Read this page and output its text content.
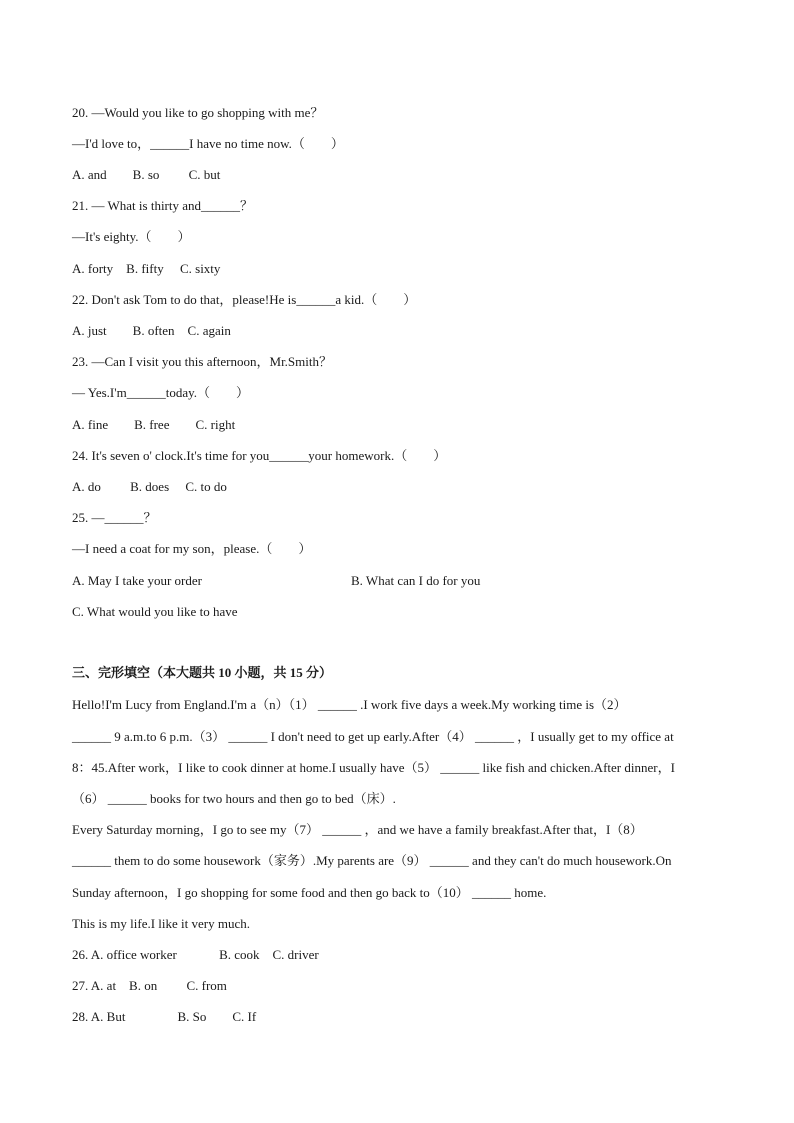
20. —Would you like to go shopping with me？
—I'd love to，______I have no time now.（　　）
A. and　　B. so　　 C. but
21. — What is thirty and______？
—It's eighty.（　　）
A. forty　B. fifty　 C. sixty
22. Don't ask Tom to do that，please!He is______a kid.（　　）
A. just　　B. often　C. again
23. —Can I visit you this afternoon，Mr.Smith？
— Yes.I'm______today.（　　）
A. fine　　B. free　　C. right
24. It's seven o' clock.It's time for you______your homework.（　　）
A. do　　 B. does　 C. to do
25. —______？
—I need a coat for my son，please.（　　）

A. May I take your order

	B. What can I do for you

C. What would you like to have
三、完形填空（本大题共 10 小题，共 15 分）
Hello!I'm Lucy from England.I'm a（n）（1） ______ .I work five days a week.My working time is（2）
______ 9 a.m.to 6 p.m.（3） ______ I don't need to get up early.After（4） ______ ，I usually get to my office at
8：45.After work，I like to cook dinner at home.I usually have（5） ______ like fish and chicken.After dinner，I
（6） ______ books for two hours and then go to bed（床）.
Every Saturday morning，I go to see my（7） ______ ，and we have a family breakfast.After that，I（8）
______ them to do some housework（家务）.My parents are（9） ______ and they can't do much housework.On
Sunday afternoon，I go shopping for some food and then go back to（10） ______ home.
This is my life.I like it very much.
26. A. office worker　　　 B. cook　C. driver
27. A. at　B. on　　 C. from
28. A. But　　　　B. So　　C. If
